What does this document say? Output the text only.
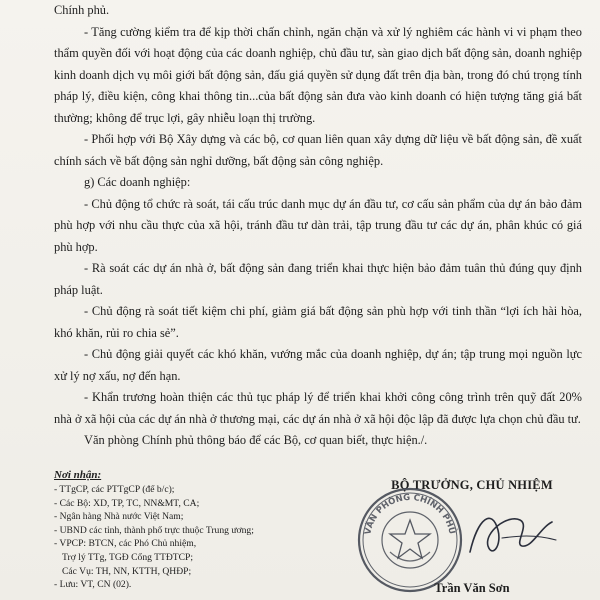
Chính phủ.

- Tăng cường kiểm tra để kịp thời chấn chỉnh, ngăn chặn và xử lý nghiêm các hành vi vi phạm theo thẩm quyền đối với hoạt động của các doanh nghiệp, chủ đầu tư, sàn giao dịch bất động sản, doanh nghiệp kinh doanh dịch vụ môi giới bất động sản, đấu giá quyền sử dụng đất trên địa bàn, trong đó chú trọng tính pháp lý, điều kiện, công khai thông tin...của bất động sản đưa vào kinh doanh có hiện tượng tăng giá bất thường; không để trục lợi, gây nhiễu loạn thị trường.

- Phối hợp với Bộ Xây dựng và các bộ, cơ quan liên quan xây dựng dữ liệu về bất động sản, đề xuất chính sách về bất động sản nghỉ dưỡng, bất động sản công nghiệp.

g) Các doanh nghiệp:

- Chủ động tổ chức rà soát, tái cấu trúc danh mục dự án đầu tư, cơ cấu sản phẩm của dự án bảo đảm phù hợp với nhu cầu thực của xã hội, tránh đầu tư dàn trải, tập trung đầu tư các dự án, phân khúc có giá phù hợp.

- Rà soát các dự án nhà ở, bất động sản đang triển khai thực hiện bảo đảm tuân thủ đúng quy định pháp luật.

- Chủ động rà soát tiết kiệm chi phí, giảm giá bất động sản phù hợp với tinh thần “lợi ích hài hòa, khó khăn, rủi ro chia sẻ”.

- Chủ động giải quyết các khó khăn, vướng mắc của doanh nghiệp, dự án; tập trung mọi nguồn lực xử lý nợ xấu, nợ đến hạn.

- Khẩn trương hoàn thiện các thủ tục pháp lý để triển khai khởi công công trình trên quỹ đất 20% nhà ở xã hội của các dự án nhà ở thương mại, các dự án nhà ở xã hội độc lập đã được lựa chọn chủ đầu tư.

Văn phòng Chính phủ thông báo để các Bộ, cơ quan biết, thực hiện./.

Nơi nhận:
- TTgCP, các PTTgCP (để b/c);
- Các Bộ: XD, TP, TC, NN&MT, CA;
- Ngân hàng Nhà nước Việt Nam;
- UBND các tỉnh, thành phố trực thuộc Trung ương;
- VPCP: BTCN, các Phó Chủ nhiệm,
Trợ lý TTg, TGĐ Cổng TTĐTCP;
Các Vụ: TH, NN, KTTH, QHĐP;
- Lưu: VT, CN (02).
BỘ TRƯỞNG, CHỦ NHIỆM
VĂN PHÒNG CHÍNH PHỦ
Trần Văn Sơn
